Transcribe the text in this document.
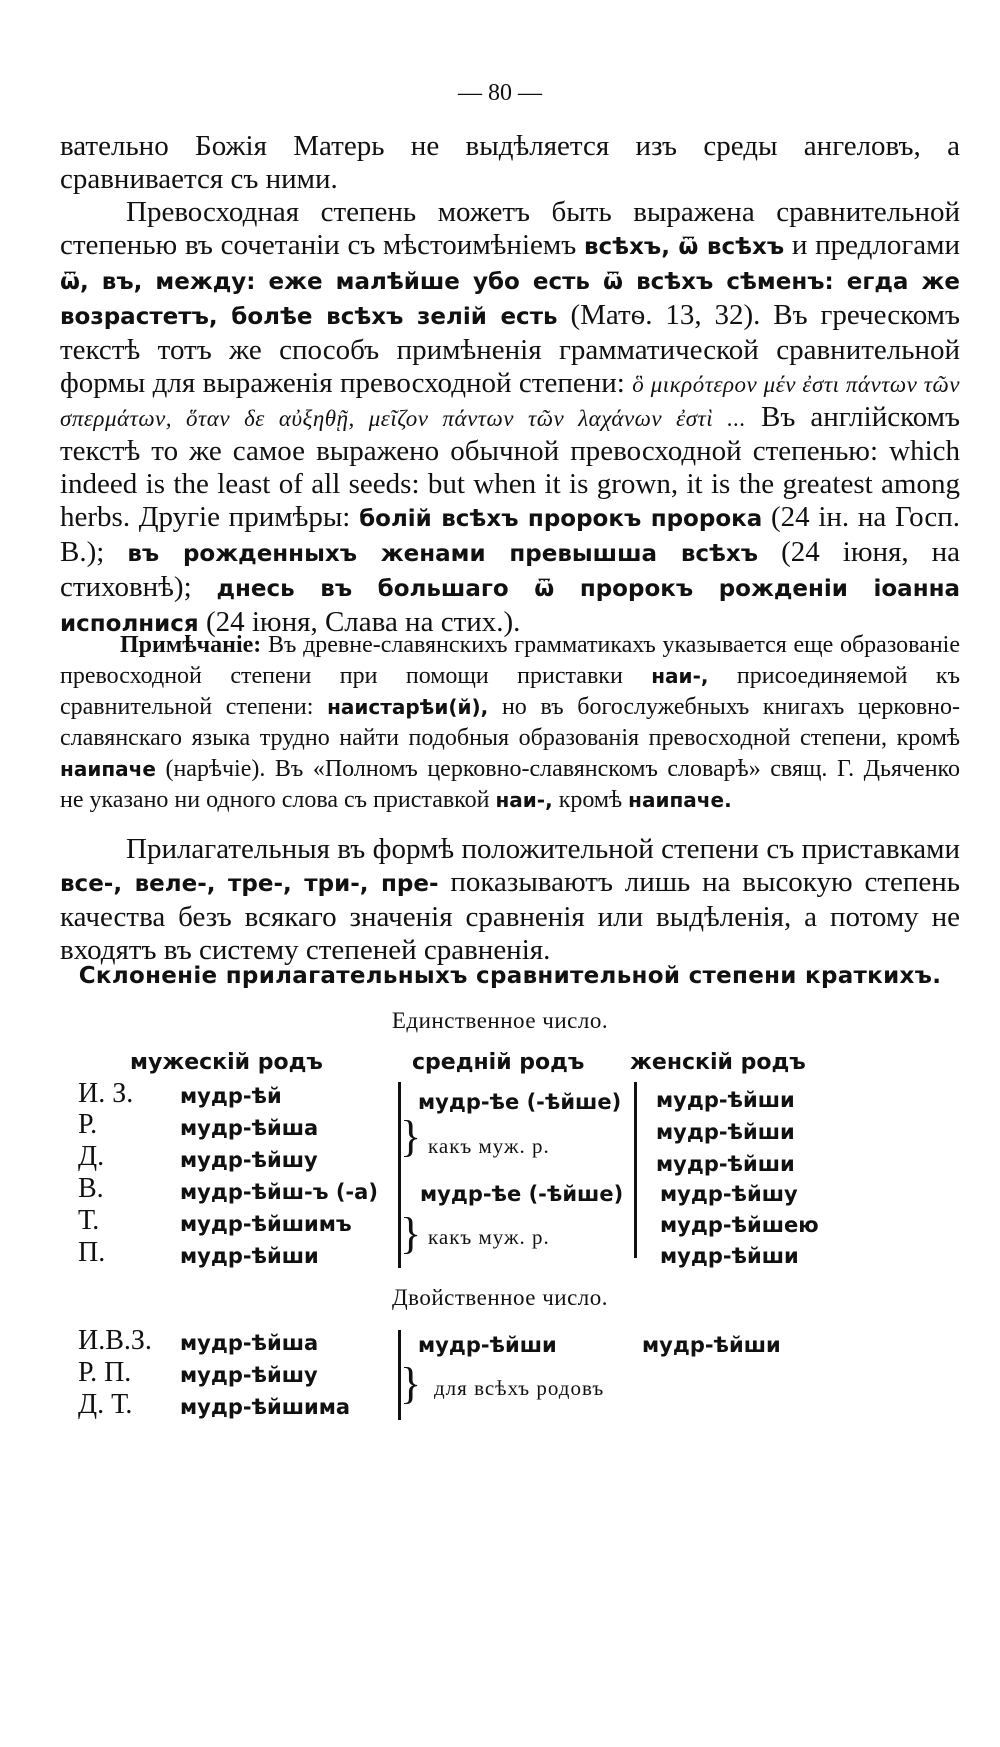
— 80 —

вательно Божія Матерь не выдѣляется изъ среды ангеловъ, а сравнивается съ ними.

Превосходная степень можетъ быть выражена сравнительной степенью въ сочетаніи съ мѣстоимѣніемъ всѣхъ, ѿ всѣхъ и предлогами ѿ, въ, между: еже малѣйше убо есть ѿ всѣхъ сѣменъ: егда же возрастетъ, болѣе всѣхъ зелій есть (Матѳ. 13, 32). Въ греческомъ текстѣ тотъ же способъ примѣненія грамматической сравнительной формы для выраженія превосходной степени: ὃ μικρότερον μέν ἐστι πάντων τῶν σπερμάτων, ὅταν δε αὐξηθῇ, μεῖζον πάντων τῶν λαχάνων ἐστὶ ... Въ англійскомъ текстѣ то же самое выражено обычной превосходной степенью: which indeed is the least of all seeds: but when it is grown, it is the greatest among herbs. Другіе примѣры: болій всѣхъ пророкъ пророка (24 ін. на Госп. В.); въ рожденныхъ женами превышша всѣхъ (24 іюня, на стиховнѣ); днесь въ большаго ѿ пророкъ рожденіи іоанна исполнися (24 іюня, Слава на стих.).

Примѣчаніе: Въ древне-славянскихъ грамматикахъ указывается еще образованіе превосходной степени при помощи приставки наи-, присоединяемой къ сравнительной степени: наистарѣи(й), но въ богослужебныхъ книгахъ церковно-славянскаго языка трудно найти подобныя образованія превосходной степени, кромѣ наипаче (нарѣчіе). Въ «Полномъ церковно-славянскомъ словарѣ» свящ. Г. Дьяченко не указано ни одного слова съ приставкой наи-, кромѣ наипаче.

Прилагательныя въ формѣ положительной степени съ приставками все-, веле-, тре-, три-, пре- показываютъ лишь на высокую степень качества безъ всякаго значенія сравненія или выдѣленія, а потому не входятъ въ систему степеней сравненія.

Склоненіе прилагательныхъ сравнительной степени краткихъ.
Единственное число.
мужескій родъ	средній родъ женскій родъ
И. З.
Р.
Д.
В.
Т.
П.
мудр-ѣй
мудр-ѣйша
мудр-ѣйшу
мудр-ѣйш-ъ (-а)
мудр-ѣйшимъ
мудр-ѣйши
мудр-ѣе (-ѣйше)
} какъ муж. р.
мудр-ѣе (-ѣйше)
} какъ муж. р.
мудр-ѣйши
мудр-ѣйши
мудр-ѣйши
мудр-ѣйшу
мудр-ѣйшею
мудр-ѣйши
Двойственное число.
И.В.З.
Р. П.
Д. Т.
мудр-ѣйша
мудр-ѣйшу
мудр-ѣйшима
мудр-ѣйши	мудр-ѣйши
} для всѣхъ родовъ
